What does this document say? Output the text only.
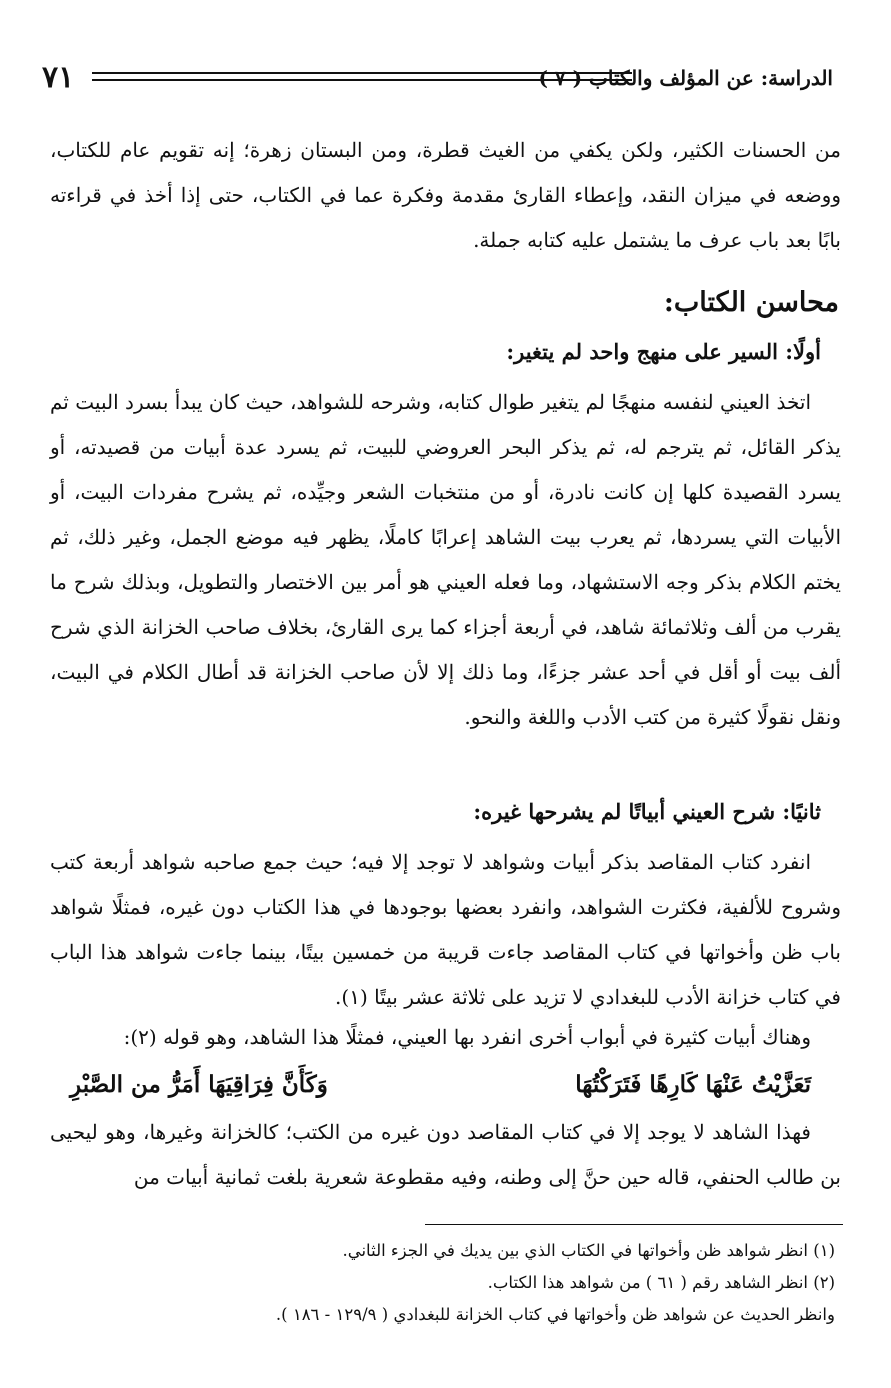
٧١	الدراسة: عن المؤلف والكتاب ( ٧ )
من الحسنات الكثير، ولكن يكفي من الغيث قطرة، ومن البستان زهرة؛ إنه تقويم عام للكتاب، ووضعه في ميزان النقد، وإعطاء القارئ مقدمة وفكرة عما في الكتاب، حتى إذا أخذ في قراءته بابًا بعد باب عرف ما يشتمل عليه كتابه جملة.
محاسن الكتاب:
أولًا: السير على منهج واحد لم يتغير:
اتخذ العيني لنفسه منهجًا لم يتغير طوال كتابه، وشرحه للشواهد، حيث كان يبدأ بسرد البيت ثم يذكر القائل، ثم يترجم له، ثم يذكر البحر العروضي للبيت، ثم يسرد عدة أبيات من قصيدته، أو يسرد القصيدة كلها إن كانت نادرة، أو من منتخبات الشعر وجيِّده، ثم يشرح مفردات البيت، أو الأبيات التي يسردها، ثم يعرب بيت الشاهد إعرابًا كاملًا، يظهر فيه موضع الجمل، وغير ذلك، ثم يختم الكلام بذكر وجه الاستشهاد، وما فعله العيني هو أمر بين الاختصار والتطويل، وبذلك شرح ما يقرب من ألف وثلاثمائة شاهد، في أربعة أجزاء كما يرى القارئ، بخلاف صاحب الخزانة الذي شرح ألف بيت أو أقل في أحد عشر جزءًا، وما ذلك إلا لأن صاحب الخزانة قد أطال الكلام في البيت، ونقل نقولًا كثيرة من كتب الأدب واللغة والنحو.
ثانيًا: شرح العيني أبياتًا لم يشرحها غيره:
انفرد كتاب المقاصد بذكر أبيات وشواهد لا توجد إلا فيه؛ حيث جمع صاحبه شواهد أربعة كتب وشروح للألفية، فكثرت الشواهد، وانفرد بعضها بوجودها في هذا الكتاب دون غيره، فمثلًا شواهد باب ظن وأخواتها في كتاب المقاصد جاءت قريبة من خمسين بيتًا، بينما جاءت شواهد هذا الباب في كتاب خزانة الأدب للبغدادي لا تزيد على ثلاثة عشر بيتًا (١).
وهناك أبيات كثيرة في أبواب أخرى انفرد بها العيني، فمثلًا هذا الشاهد، وهو قوله (٢):
تَعَزَّيْتُ عَنْهَا كَارِهًا فَتَرَكْتُهَا
وَكَأَنَّ فِرَاقِيَهَا أَمَرُّ من الصَّبْرِ
فهذا الشاهد لا يوجد إلا في كتاب المقاصد دون غيره من الكتب؛ كالخزانة وغيرها، وهو ليحيى بن طالب الحنفي، قاله حين حنَّ إلى وطنه، وفيه مقطوعة شعرية بلغت ثمانية أبيات من
(١) انظر شواهد ظن وأخواتها في الكتاب الذي بين يديك في الجزء الثاني.
(٢) انظر الشاهد رقم ( ٦١ ) من شواهد هذا الكتاب.
وانظر الحديث عن شواهد ظن وأخواتها في كتاب الخزانة للبغدادي ( ١٢٩/٩ - ١٨٦ ).
